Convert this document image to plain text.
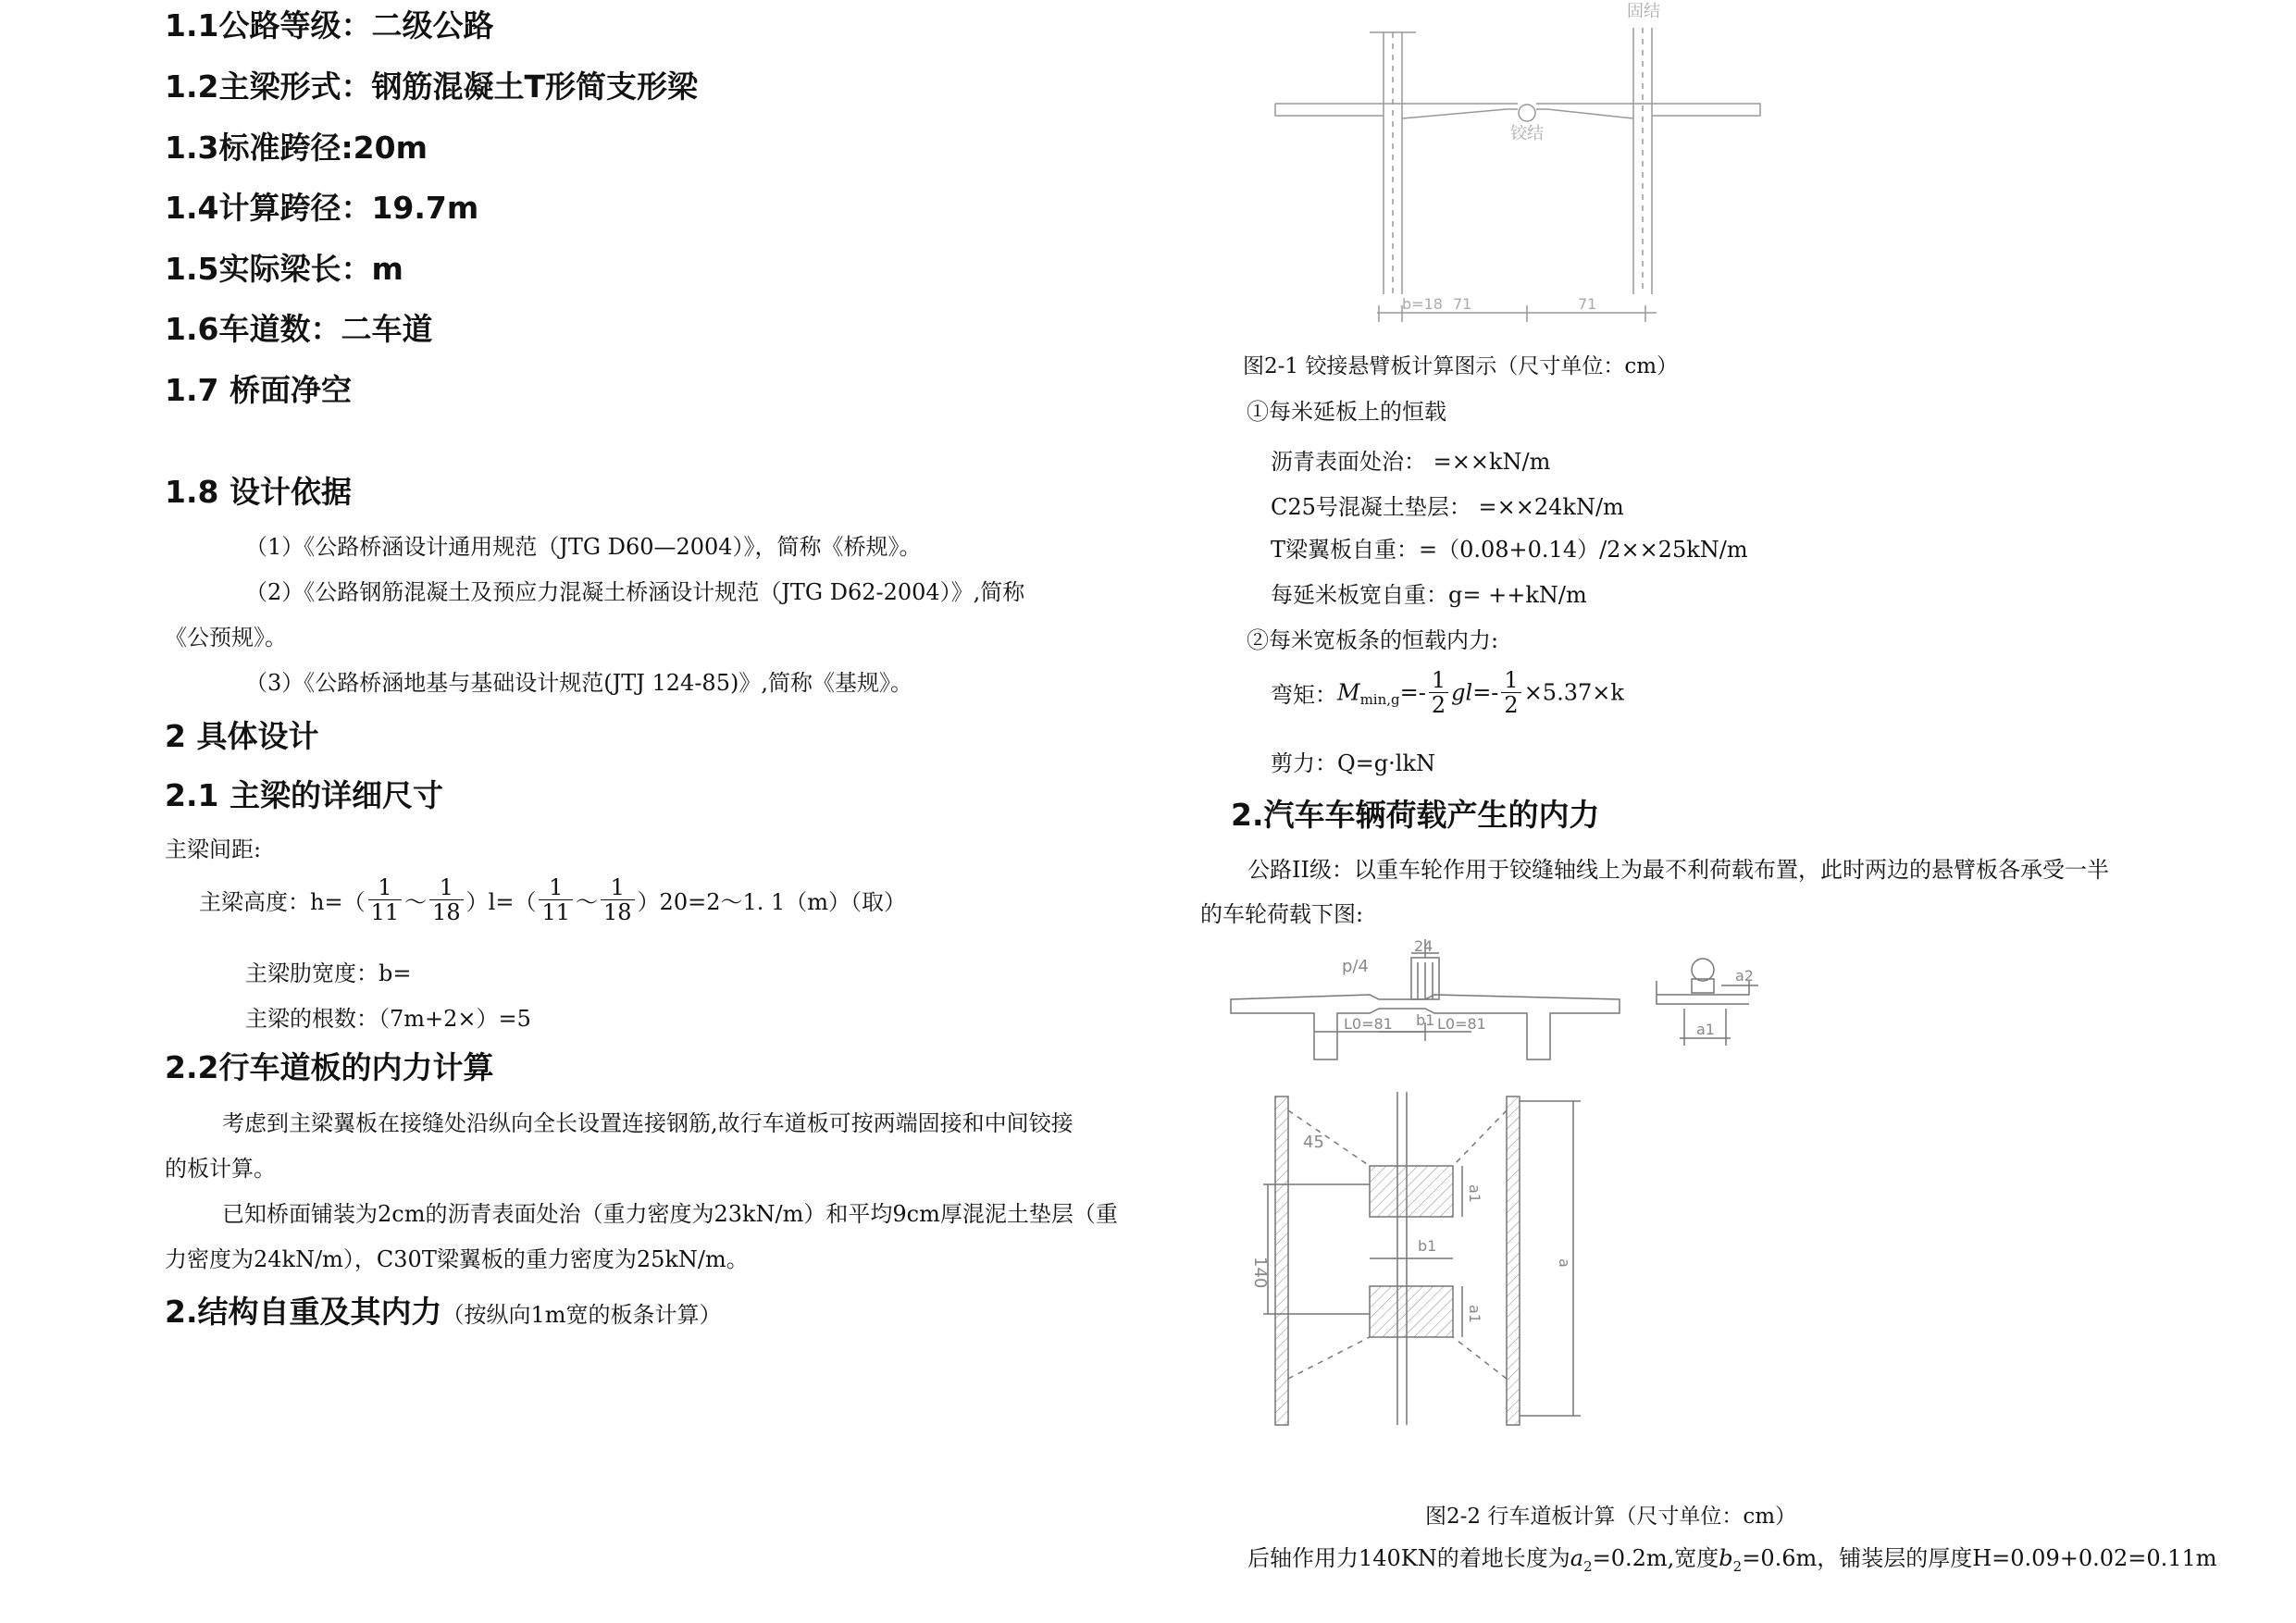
1.1公路等级：二级公路
1.2主梁形式：钢筋混凝土T形简支形梁
1.3标准跨径:20m
1.4计算跨径：19.7m
1.5实际梁长：m
1.6车道数：二车道
1.7 桥面净空
1.8 设计依据
（1）《公路桥涵设计通用规范（JTG D60—2004）》，简称《桥规》。
（2）《公路钢筋混凝土及预应力混凝土桥涵设计规范（JTG D62-2004）》,简称
《公预规》。
（3）《公路桥涵地基与基础设计规范(JTJ 124-85)》,简称《基规》。
2 具体设计
2.1 主梁的详细尺寸
主梁间距:
主梁高度：$h=( \frac{1}{11}$ ～ $\frac{1}{18} )l=( \frac{1}{11}$ ～ $\frac{1}{18}$ ）20=2～1. 1（m）（取）
主梁肋宽度：b=
主梁的根数：（7m+2×）=5
2.2行车道板的内力计算
考虑到主梁翼板在接缝处沿纵向全长设置连接钢筋,故行车道板可按两端固接和中间铰接
的板计算。
已知桥面铺装为2cm的沥青表面处治（重力密度为23kN/m）和平均9cm厚混泥土垫层（重
力密度为24kN/m），C30T梁翼板的重力密度为25kN/m。
2.结构自重及其内力（按纵向1m宽的板条计算）
固结
铰结
b=18 71	71
图2-1 铰接悬臂板计算图示（尺寸单位：cm）
①每米延板上的恒载
沥青表面处治： =××kN/m
C25号混凝土垫层： =××24kN/m
T梁翼板自重：=（0.08+0.14）/2××25kN/m
每延米板宽自重：g= ++kN/m
②每米宽板条的恒载内力:
弯矩：$M_{min,g}=- \frac{1}{2} gl=- \frac{1}{2} \times 5.37\times k$
剪力：Q=g·lkN
2.汽车车辆荷载产生的内力
公路II级：以重车轮作用于铰缝轴线上为最不利荷载布置，此时两边的悬臂板各承受一半
的车轮荷载下图:
p/4
24
b1
L0=81	L0=81
a2
a1
45
140
a1
b1
a1
a
图2-2 行车道板计算（尺寸单位：cm）
后轴作用力140KN的着地长度为$a_2=0.2m$,宽度$b_2=0.6m$，铺装层的厚度H=0.09+0.02=0.11m
